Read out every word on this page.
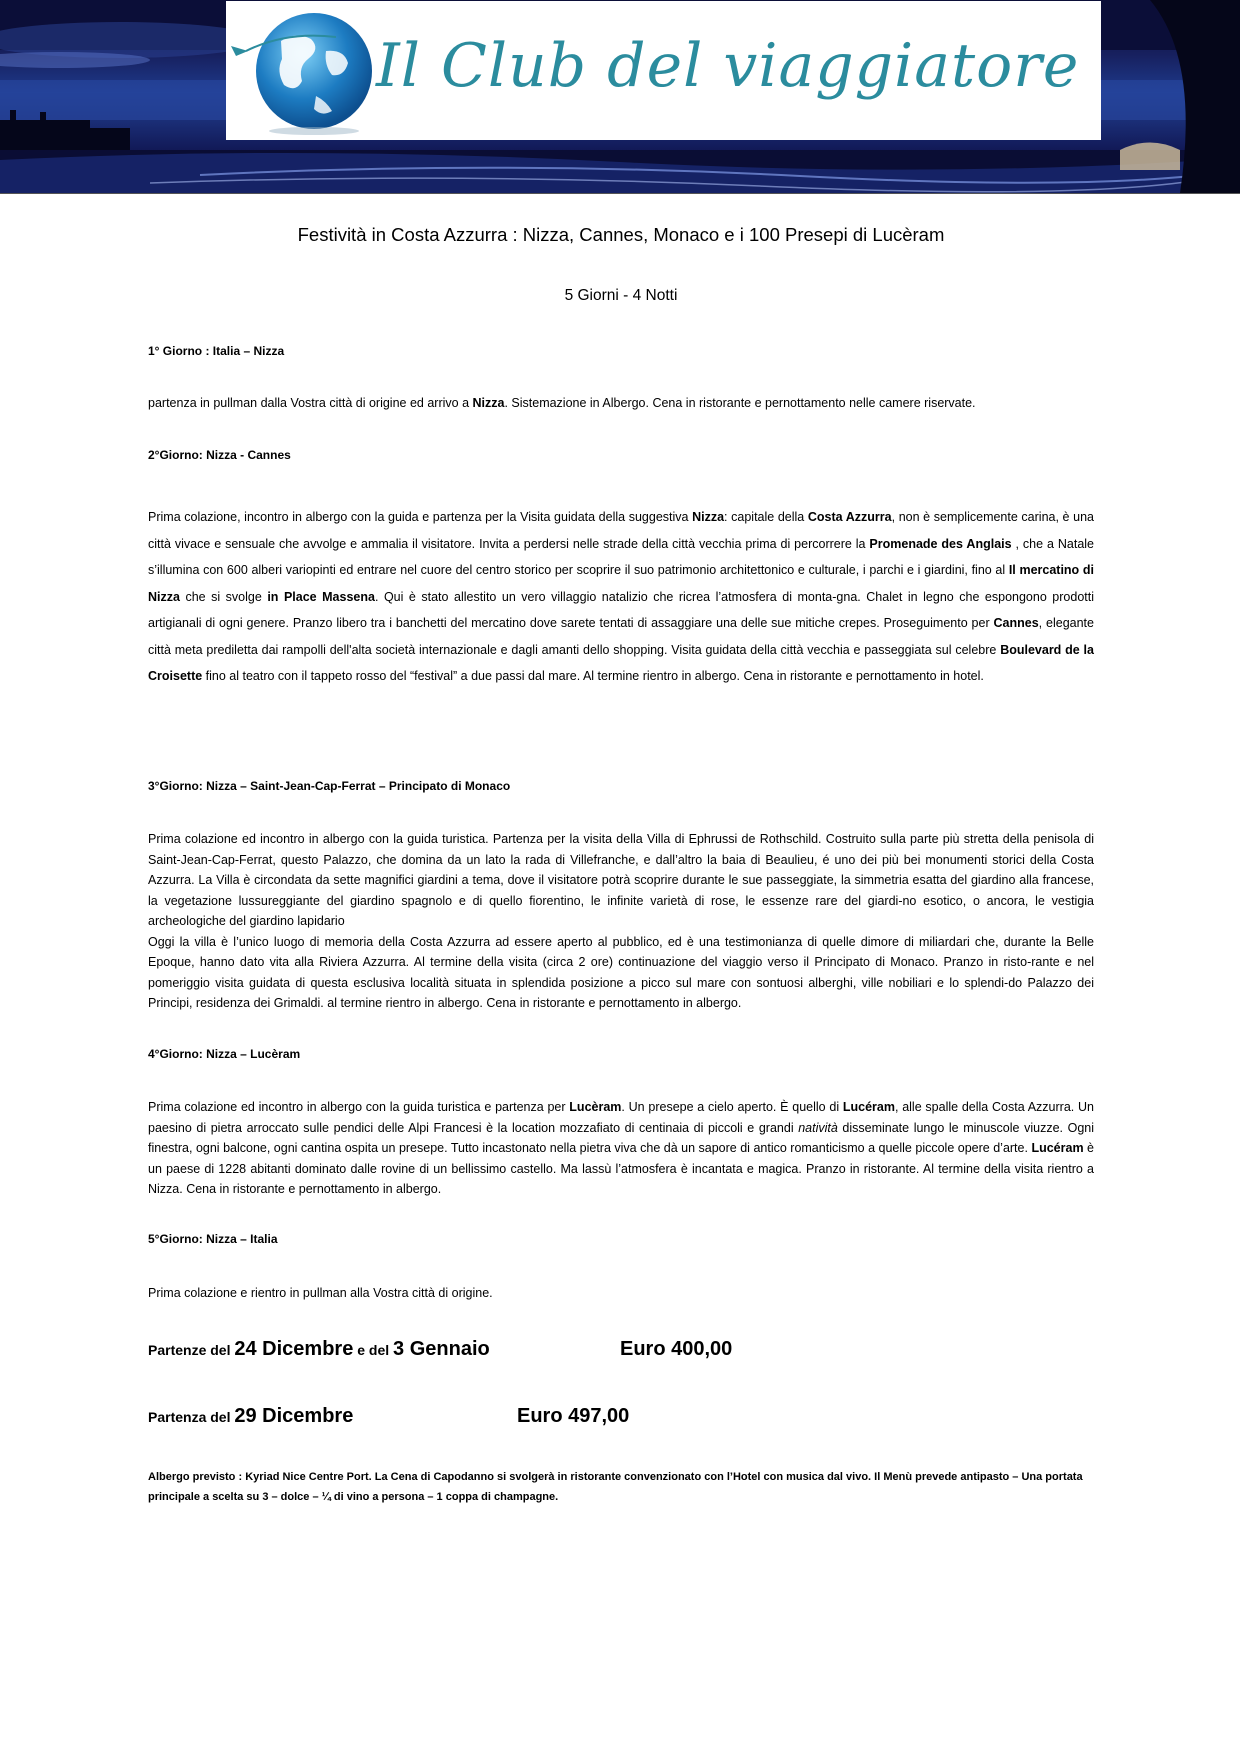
Il Club del viaggiatore
Festività in Costa Azzurra : Nizza, Cannes, Monaco e i 100 Presepi di Lucèram
5 Giorni - 4 Notti
1° Giorno : Italia – Nizza
partenza in pullman dalla Vostra città di origine ed arrivo a Nizza. Sistemazione in Albergo. Cena in ristorante e pernottamento nelle camere riservate.
2°Giorno: Nizza - Cannes
Prima colazione, incontro in albergo con la guida e partenza per la Visita guidata della suggestiva Nizza: capitale della Costa Azzurra, non è semplicemente carina, è una città vivace e sensuale che avvolge e ammalia il visitatore. Invita a perdersi nelle strade della città vecchia prima di percorrere la Promenade des Anglais , che a Natale s’illumina con 600 alberi variopinti ed entrare nel cuore del centro storico per scoprire il suo patrimonio architettonico e culturale, i parchi e i giardini, fino al Il mercatino di Nizza che si svolge in Place Massena. Qui è stato allestito un vero villaggio natalizio che ricrea l’atmosfera di monta-gna. Chalet in legno che espongono prodotti artigianali di ogni genere. Pranzo libero tra i banchetti del mercatino dove sarete tentati di assaggiare una delle sue mitiche crepes. Proseguimento per Cannes, elegante città meta prediletta dai rampolli dell'alta società internazionale e dagli amanti dello shopping. Visita guidata della città vecchia e passeggiata sul celebre Boulevard de la Croisette fino al teatro con il tappeto rosso del “festival” a due passi dal mare. Al termine rientro in albergo. Cena in ristorante e pernottamento in hotel.
3°Giorno: Nizza – Saint-Jean-Cap-Ferrat – Principato di Monaco
Prima colazione ed incontro in albergo con la guida turistica. Partenza per la visita della Villa di Ephrussi de Rothschild. Costruito sulla parte più stretta della penisola di Saint-Jean-Cap-Ferrat, questo Palazzo, che domina da un lato la rada di Villefranche, e dall’altro la baia di Beaulieu, é uno dei più bei monumenti storici della Costa Azzurra. La Villa è circondata da sette magnifici giardini a tema, dove il visitatore potrà scoprire durante le sue passeggiate, la simmetria esatta del giardino alla francese, la vegetazione lussureggiante del giardino spagnolo e di quello fiorentino, le infinite varietà di rose, le essenze rare del giardi-no esotico, o ancora, le vestigia archeologiche del giardino lapidario
Oggi la villa è l’unico luogo di memoria della Costa Azzurra ad essere aperto al pubblico, ed è una testimonianza di quelle dimore di miliardari che, durante la Belle Epoque, hanno dato vita alla Riviera Azzurra. Al termine della visita (circa 2 ore) continuazione del viaggio verso il Principato di Monaco. Pranzo in risto-rante e nel pomeriggio visita guidata di questa esclusiva località situata in splendida posizione a picco sul mare con sontuosi alberghi, ville nobiliari e lo splendi-do Palazzo dei Principi, residenza dei Grimaldi. al termine rientro in albergo. Cena in ristorante e pernottamento in albergo.
4°Giorno: Nizza – Lucèram
Prima colazione ed incontro in albergo con la guida turistica e partenza per Lucèram. Un presepe a cielo aperto. È quello di Lucéram, alle spalle della Costa Azzurra. Un paesino di pietra arroccato sulle pendici delle Alpi Francesi è la location mozzafiato di centinaia di piccoli e grandi natività disseminate lungo le minuscole viuzze. Ogni finestra, ogni balcone, ogni cantina ospita un presepe. Tutto incastonato nella pietra viva che dà un sapore di antico romanticismo a quelle piccole opere d’arte. Lucéram è un paese di 1228 abitanti dominato dalle rovine di un bellissimo castello. Ma lassù l’atmosfera è incantata e magica. Pranzo in ristorante. Al termine della visita rientro a Nizza. Cena in ristorante e pernottamento in albergo.
5°Giorno: Nizza – Italia
Prima colazione e rientro in pullman alla Vostra città di origine.
Partenze del 24 Dicembre e del 3 Gennaio	Euro 400,00
Partenza del 29 Dicembre	Euro 497,00
Albergo previsto : Kyriad Nice Centre Port. La Cena di Capodanno si svolgerà in ristorante convenzionato con l’Hotel con musica dal vivo. Il Menù prevede antipasto – Una portata principale a scelta su 3 – dolce – ¼ di vino a persona – 1 coppa di champagne.
